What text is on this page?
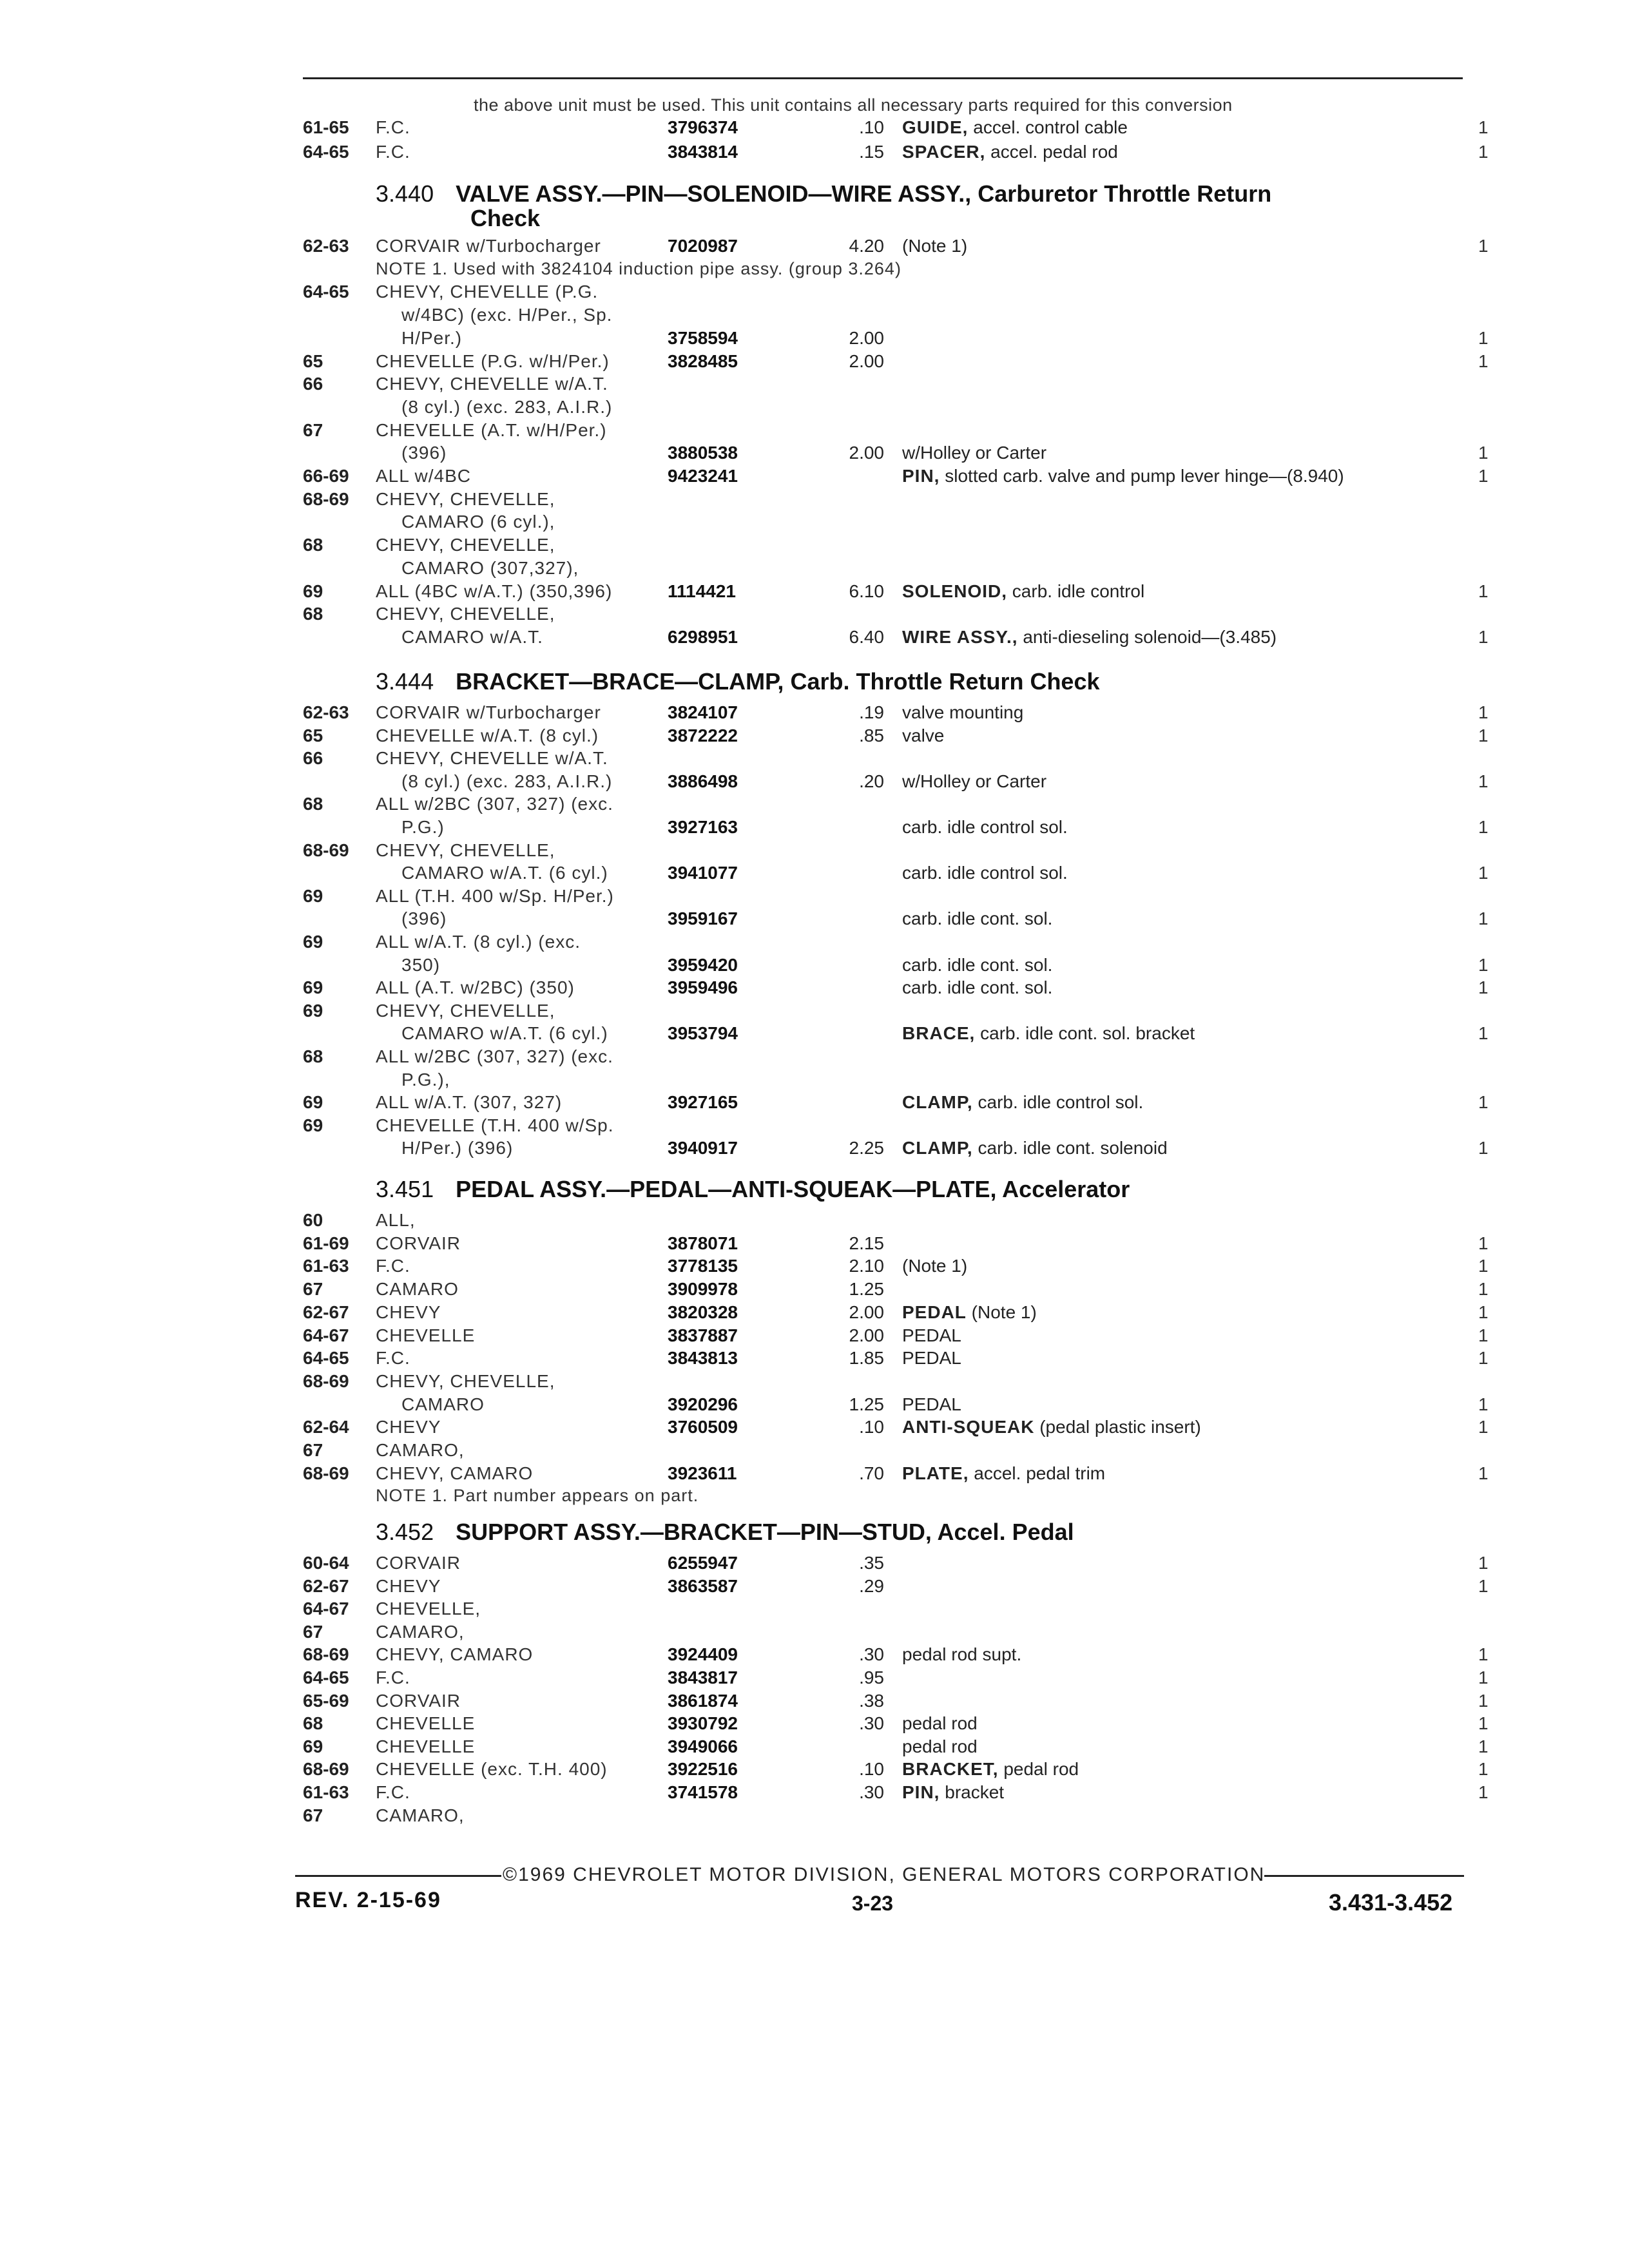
the above unit must be used. This unit contains all necessary parts required for this conversion
61-65 F.C.	3796374	.10 GUIDE, accel. control cable	1
64-65 F.C.	3843814	.15 SPACER, accel. pedal rod	1
3.440 VALVE ASSY.—PIN—SOLENOID—WIRE ASSY., Carburetor Throttle Return
Check
62-63 CORVAIR w/Turbocharger	7020987	4.20 (Note 1)	1
NOTE 1. Used with 3824104 induction pipe assy. (group 3.264)
64-65 CHEVY, CHEVELLE (P.G.
w/4BC) (exc. H/Per., Sp.
H/Per.)	3758594	2.00	1
65	CHEVELLE (P.G. w/H/Per.)	3828485	2.00	1
66	CHEVY, CHEVELLE w/A.T.
(8 cyl.) (exc. 283, A.I.R.)
67	CHEVELLE (A.T. w/H/Per.)
(396)	3880538	2.00 w/Holley or Carter	1
66-69 ALL w/4BC	9423241	PIN, slotted carb. valve and pump lever hinge—(8.940)	1
68-69 CHEVY, CHEVELLE,
CAMARO (6 cyl.),
68	CHEVY, CHEVELLE,
CAMARO (307,327),
69	ALL (4BC w/A.T.) (350,396)	1114421	6.10 SOLENOID, carb. idle control	1
68	CHEVY, CHEVELLE,
CAMARO w/A.T.	6298951	6.40 WIRE ASSY., anti-dieseling solenoid—(3.485)	1
3.444 BRACKET—BRACE—CLAMP, Carb. Throttle Return Check
62-63 CORVAIR w/Turbocharger	3824107	.19 valve mounting	1
65	CHEVELLE w/A.T. (8 cyl.)	3872222	.85 valve	1
66	CHEVY, CHEVELLE w/A.T.
(8 cyl.) (exc. 283, A.I.R.)	3886498	.20 w/Holley or Carter	1
68	ALL w/2BC (307, 327) (exc.
P.G.)	3927163	carb. idle control sol.	1
68-69 CHEVY, CHEVELLE,
CAMARO w/A.T. (6 cyl.)	3941077	carb. idle control sol.	1
69	ALL (T.H. 400 w/Sp. H/Per.)
(396)	3959167	carb. idle cont. sol.	1
69	ALL w/A.T. (8 cyl.) (exc.
350)	3959420	carb. idle cont. sol.	1
69	ALL (A.T. w/2BC) (350)	3959496	carb. idle cont. sol.	1
69	CHEVY, CHEVELLE,
CAMARO w/A.T. (6 cyl.)	3953794	BRACE, carb. idle cont. sol. bracket	1
68	ALL w/2BC (307, 327) (exc.
P.G.),
69	ALL w/A.T. (307, 327)	3927165	CLAMP, carb. idle control sol.	1
69	CHEVELLE (T.H. 400 w/Sp.
H/Per.) (396)	3940917	2.25 CLAMP, carb. idle cont. solenoid	1
3.451 PEDAL ASSY.—PEDAL—ANTI-SQUEAK—PLATE, Accelerator
60	ALL,
61-69 CORVAIR	3878071	2.15	1
61-63 F.C.	3778135	2.10 (Note 1)	1
67	CAMARO	3909978	1.25	1
62-67 CHEVY	3820328	2.00 PEDAL (Note 1)	1
64-67 CHEVELLE	3837887	2.00 PEDAL	1
64-65 F.C.	3843813	1.85 PEDAL	1
68-69 CHEVY, CHEVELLE,
CAMARO	3920296	1.25 PEDAL	1
62-64 CHEVY	3760509	.10 ANTI-SQUEAK (pedal plastic insert)	1
67	CAMARO,
68-69 CHEVY, CAMARO	3923611	.70 PLATE, accel. pedal trim	1
NOTE 1. Part number appears on part.
3.452 SUPPORT ASSY.—BRACKET—PIN—STUD, Accel. Pedal
60-64 CORVAIR	6255947	.35	1
62-67 CHEVY	3863587	.29	1
64-67 CHEVELLE,
67	CAMARO,
68-69 CHEVY, CAMARO	3924409	.30 pedal rod supt.	1
64-65 F.C.	3843817	.95	1
65-69 CORVAIR	3861874	.38	1
68	CHEVELLE	3930792	.30 pedal rod	1
69	CHEVELLE	3949066	pedal rod	1
68-69 CHEVELLE (exc. T.H. 400)	3922516	.10 BRACKET, pedal rod	1
61-63 F.C.	3741578	.30 PIN, bracket	1
67	CAMARO,
©1969 CHEVROLET MOTOR DIVISION, GENERAL MOTORS CORPORATION
REV. 2-15-69	3-23	3.431-3.452
